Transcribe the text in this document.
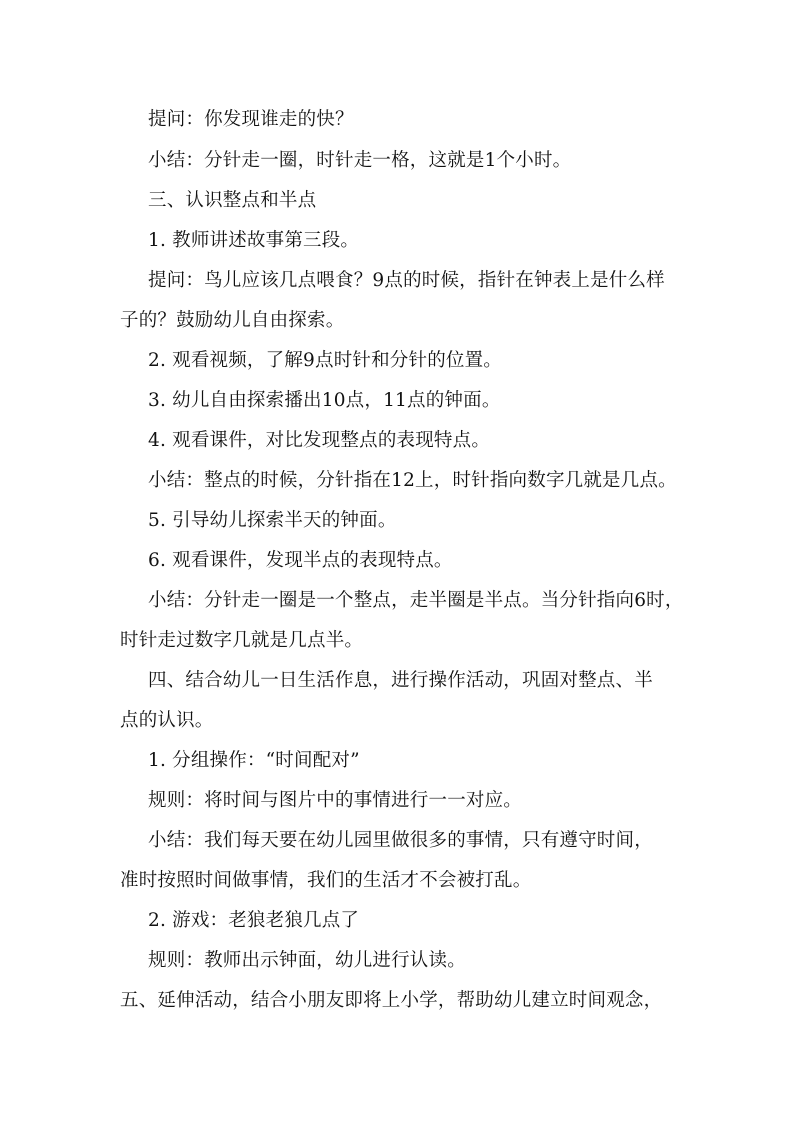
提问：你发现谁走的快？
小结：分针走一圈，时针走一格，这就是1个小时。
三、认识整点和半点
1. 教师讲述故事第三段。
提问：鸟儿应该几点喂食？9点的时候，指针在钟表上是什么样
子的？鼓励幼儿自由探索。
2. 观看视频，了解9点时针和分针的位置。
3. 幼儿自由探索播出10点，11点的钟面。
4. 观看课件，对比发现整点的表现特点。
小结：整点的时候，分针指在12上，时针指向数字几就是几点。
5. 引导幼儿探索半天的钟面。
6. 观看课件，发现半点的表现特点。
小结：分针走一圈是一个整点，走半圈是半点。当分针指向6时，
时针走过数字几就是几点半。
四、结合幼儿一日生活作息，进行操作活动，巩固对整点、半
点的认识。
1. 分组操作：“时间配对”
规则：将时间与图片中的事情进行一一对应。
小结：我们每天要在幼儿园里做很多的事情，只有遵守时间，
准时按照时间做事情，我们的生活才不会被打乱。
2. 游戏：老狼老狼几点了
规则：教师出示钟面，幼儿进行认读。
五、延伸活动，结合小朋友即将上小学，帮助幼儿建立时间观念，
